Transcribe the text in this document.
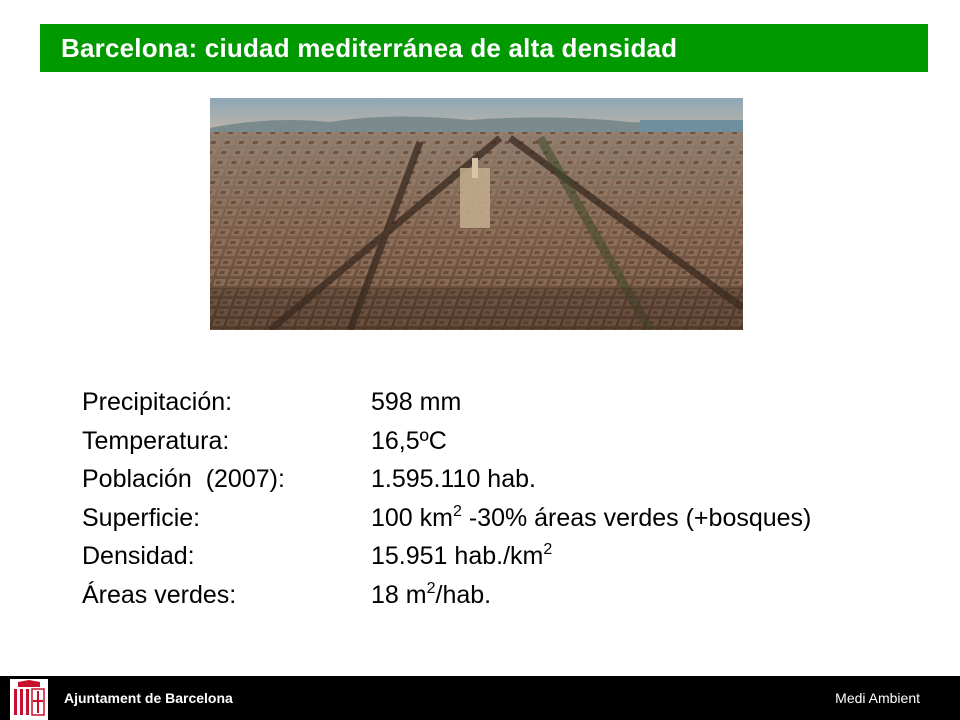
Barcelona: ciudad mediterránea de alta densidad
Precipitación:	598 mm
Temperatura:	16,5ºC
Población  (2007):	1.595.110 hab.
Superficie:	100 $km^2$ -30% áreas verdes (+bosques)
Densidad:	15.951 $hab./km^2$
Áreas verdes:	18 $m^2$/hab.
Ajuntament de Barcelona	Medi Ambient
